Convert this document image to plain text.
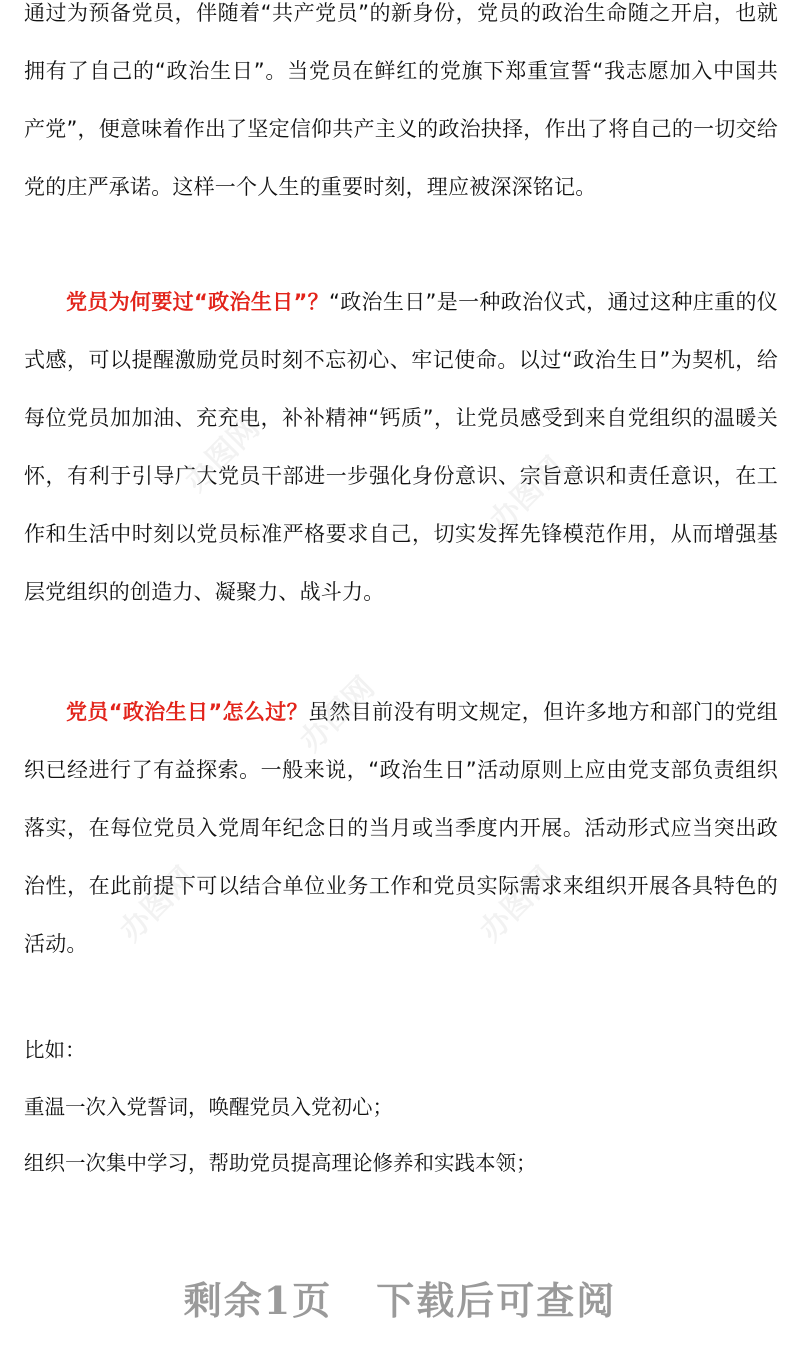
通过为预备党员，伴随着“共产党员”的新身份，党员的政治生命随之开启，也就拥有了自己的“政治生日”。当党员在鲜红的党旗下郑重宣誓“我志愿加入中国共产党”，便意味着作出了坚定信仰共产主义的政治抉择，作出了将自己的一切交给党的庄严承诺。这样一个人生的重要时刻，理应被深深铭记。

党员为何要过“政治生日”？“政治生日”是一种政治仪式，通过这种庄重的仪式感，可以提醒激励党员时刻不忘初心、牢记使命。以过“政治生日”为契机，给每位党员加加油、充充电，补补精神“钙质”，让党员感受到来自党组织的温暖关怀，有利于引导广大党员干部进一步强化身份意识、宗旨意识和责任意识，在工作和生活中时刻以党员标准严格要求自己，切实发挥先锋模范作用，从而增强基层党组织的创造力、凝聚力、战斗力。

党员“政治生日”怎么过？虽然目前没有明文规定，但许多地方和部门的党组织已经进行了有益探索。一般来说，“政治生日”活动原则上应由党支部负责组织落实，在每位党员入党周年纪念日的当月或当季度内开展。活动形式应当突出政治性，在此前提下可以结合单位业务工作和党员实际需求来组织开展各具特色的活动。

比如：

重温一次入党誓词，唤醒党员入党初心；

组织一次集中学习，帮助党员提高理论修养和实践本领；

办图网	办图网
办图网
办图网
办图网
剩余1页 下载后可查阅
